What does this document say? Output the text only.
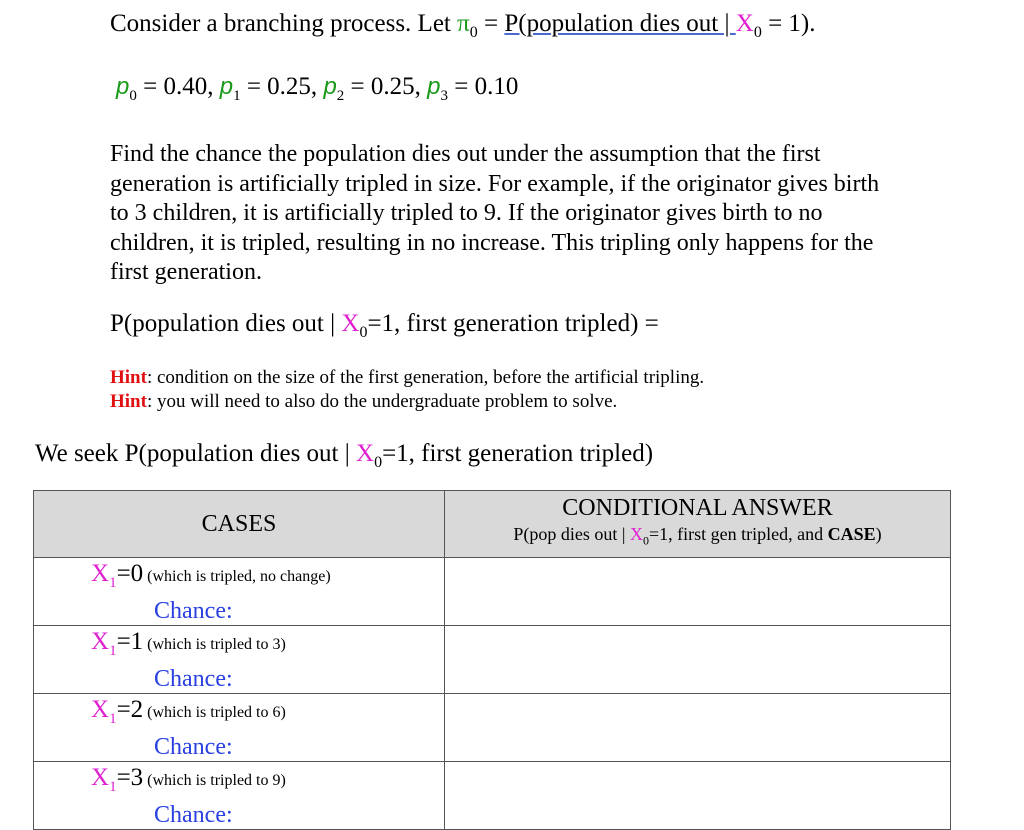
Consider a branching process. Let $\pi_0$ = P(population dies out | $X_0 = 1$).
$p_0 = 0.40$, $p_1 = 0.25$, $p_2 = 0.25$, $p_3 = 0.10$

Find the chance the population dies out under the assumption that the first

generation is artificially tripled in size. For example, if the originator gives birth

to 3 children, it is artificially tripled to 9. If the originator gives birth to no

children, it is tripled, resulting in no increase. This tripling only happens for the

first generation.

P(population dies out | $X_0=1$, first generation tripled) =
Hint: condition on the size of the first generation, before the artificial tripling.
Hint: you will need to also do the undergraduate problem to solve.
We seek P(population dies out | $X_0=1$, first generation tripled)
CASES	CONDITIONAL ANSWER
P(pop dies out | $X_0=1$, first gen tripled, and CASE)

$X_1=0$ (which is tripled, no change)
Chance:	

$X_1=1$ (which is tripled to 3)
Chance:	

$X_1=2$ (which is tripled to 6)
Chance:	

$X_1=3$ (which is tripled to 9)
Chance:	
